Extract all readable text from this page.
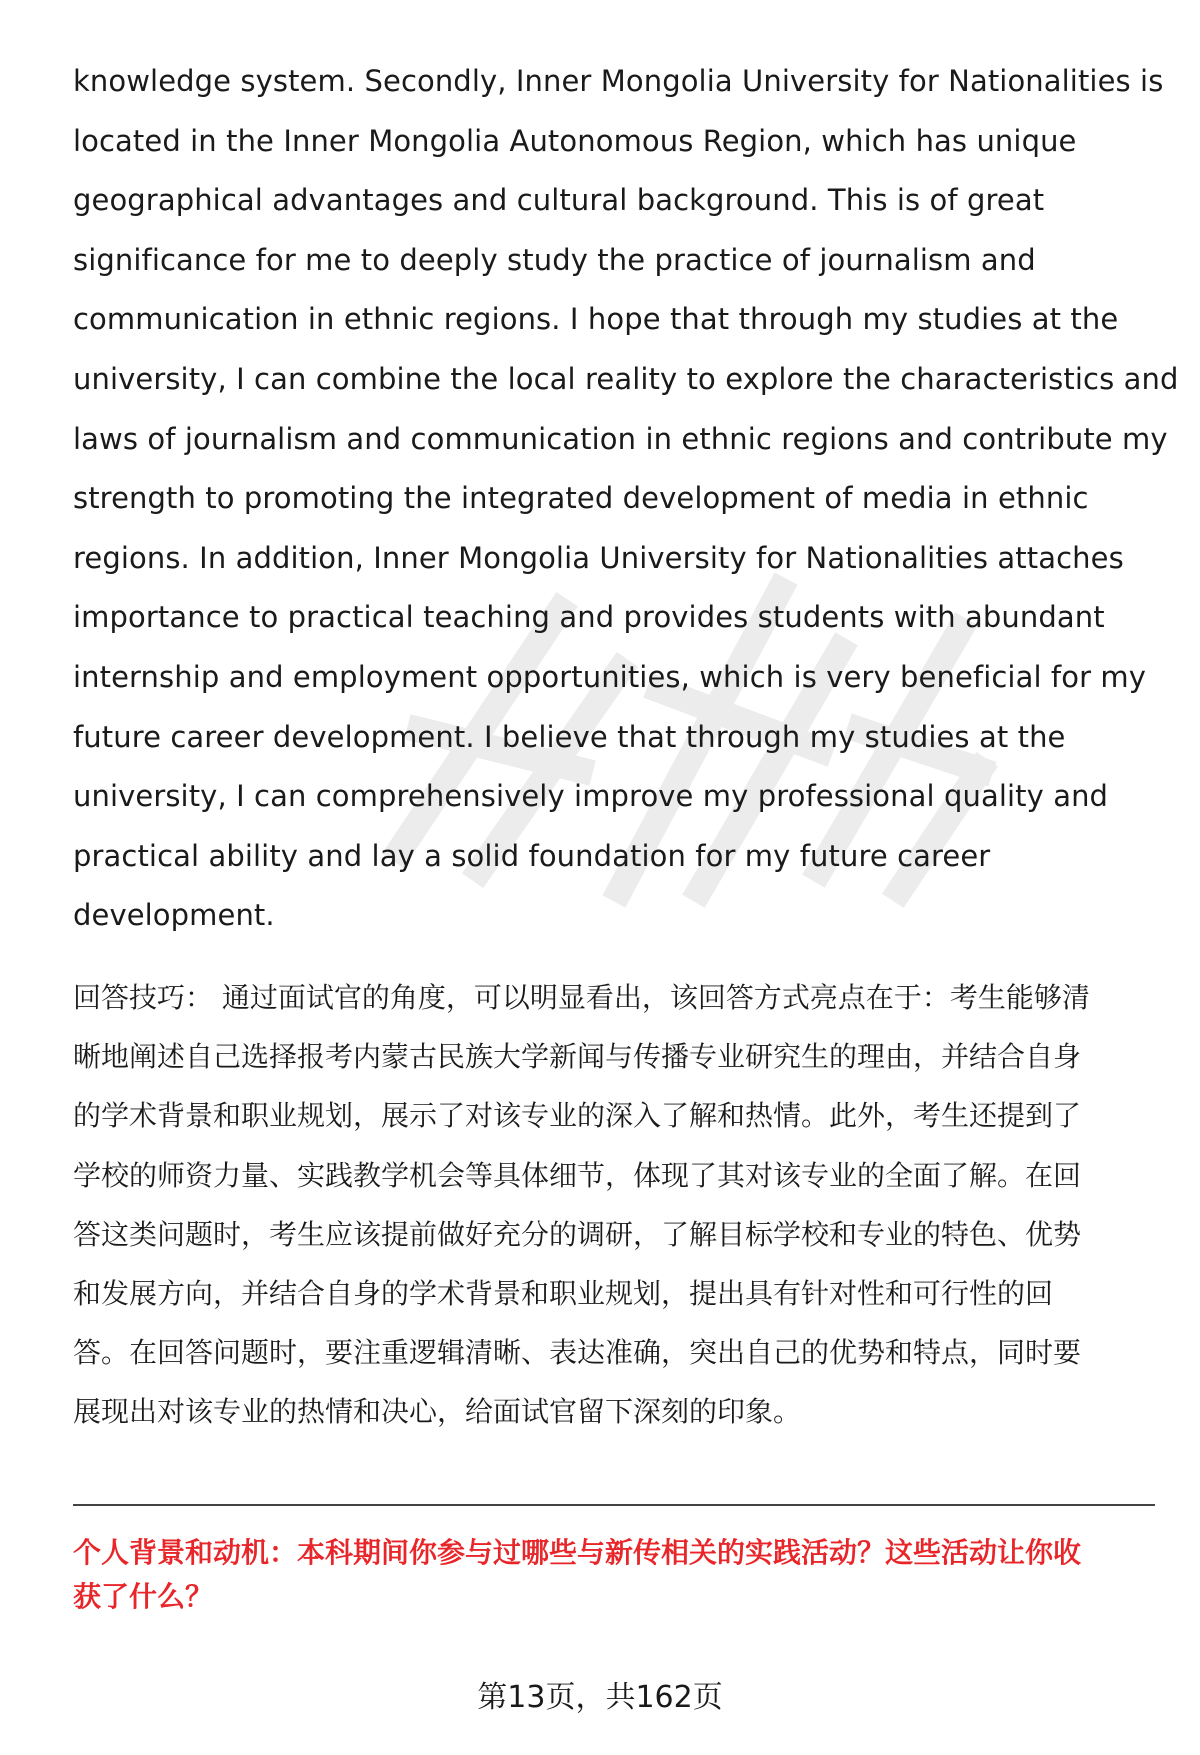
knowledge system. Secondly, Inner Mongolia University for Nationalities is
located in the Inner Mongolia Autonomous Region, which has unique
geographical advantages and cultural background. This is of great
significance for me to deeply study the practice of journalism and
communication in ethnic regions. I hope that through my studies at the
university, I can combine the local reality to explore the characteristics and
laws of journalism and communication in ethnic regions and contribute my
strength to promoting the integrated development of media in ethnic
regions. In addition, Inner Mongolia University for Nationalities attaches
importance to practical teaching and provides students with abundant
internship and employment opportunities, which is very beneficial for my
future career development. I believe that through my studies at the
university, I can comprehensively improve my professional quality and
practical ability and lay a solid foundation for my future career
development.
回答技巧： 通过面试官的角度，可以明显看出，该回答方式亮点在于：考生能够清
晰地阐述自己选择报考内蒙古民族大学新闻与传播专业研究生的理由，并结合自身
的学术背景和职业规划，展示了对该专业的深入了解和热情。此外，考生还提到了
学校的师资力量、实践教学机会等具体细节，体现了其对该专业的全面了解。在回
答这类问题时，考生应该提前做好充分的调研，了解目标学校和专业的特色、优势
和发展方向，并结合自身的学术背景和职业规划，提出具有针对性和可行性的回
答。在回答问题时，要注重逻辑清晰、表达准确，突出自己的优势和特点，同时要
展现出对该专业的热情和决心，给面试官留下深刻的印象。
个人背景和动机：本科期间你参与过哪些与新传相关的实践活动？这些活动让你收
获了什么？
第13页，共162页
